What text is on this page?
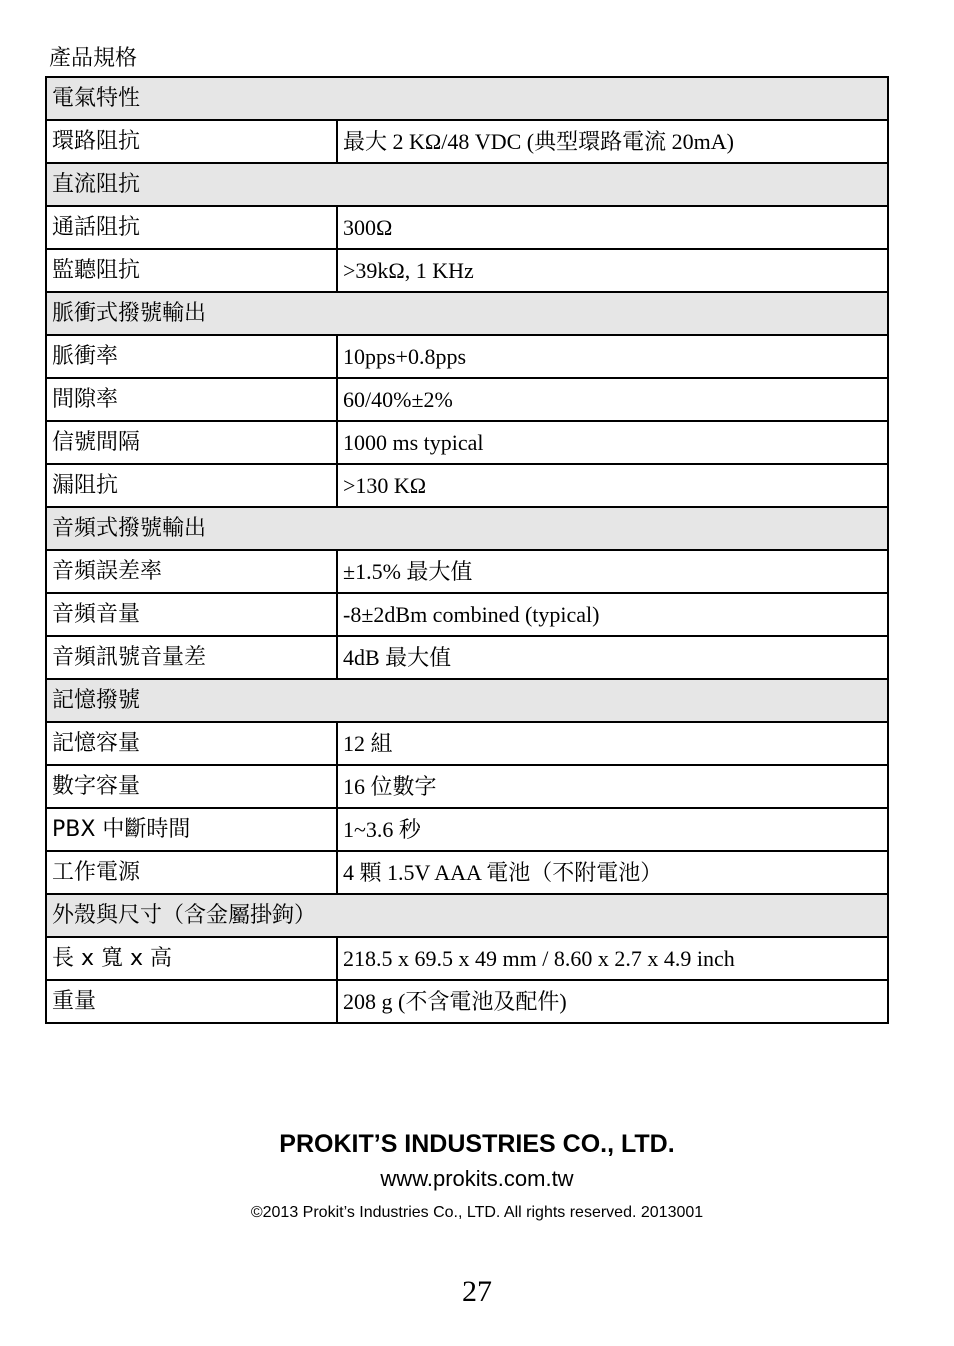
產品規格
電氣特性	
環路阻抗	最大 2 KΩ/48 VDC (典型環路電流 20mA)
直流阻抗	
通話阻抗	300Ω
監聽阻抗	>39kΩ, 1 KHz
脈衝式撥號輸出	
脈衝率	10pps+0.8pps
間隙率	60/40%±2%
信號間隔	1000 ms typical
漏阻抗	>130 KΩ
音頻式撥號輸出	
音頻誤差率	±1.5% 最大值
音頻音量	-8±2dBm combined (typical)
音頻訊號音量差	4dB 最大值
記憶撥號	
記憶容量	12 組
數字容量	16 位數字
PBX 中斷時間	1~3.6 秒
工作電源	4 顆 1.5V AAA 電池（不附電池）
外殼與尺寸（含金屬掛鉤）	
長 x 寬 x 高	218.5 x 69.5 x 49 mm / 8.60 x 2.7 x 4.9 inch
重量	208 g (不含電池及配件)
PROKIT’S INDUSTRIES CO., LTD.
www.prokits.com.tw
©2013 Prokit’s Industries Co., LTD. All rights reserved. 2013001
27
